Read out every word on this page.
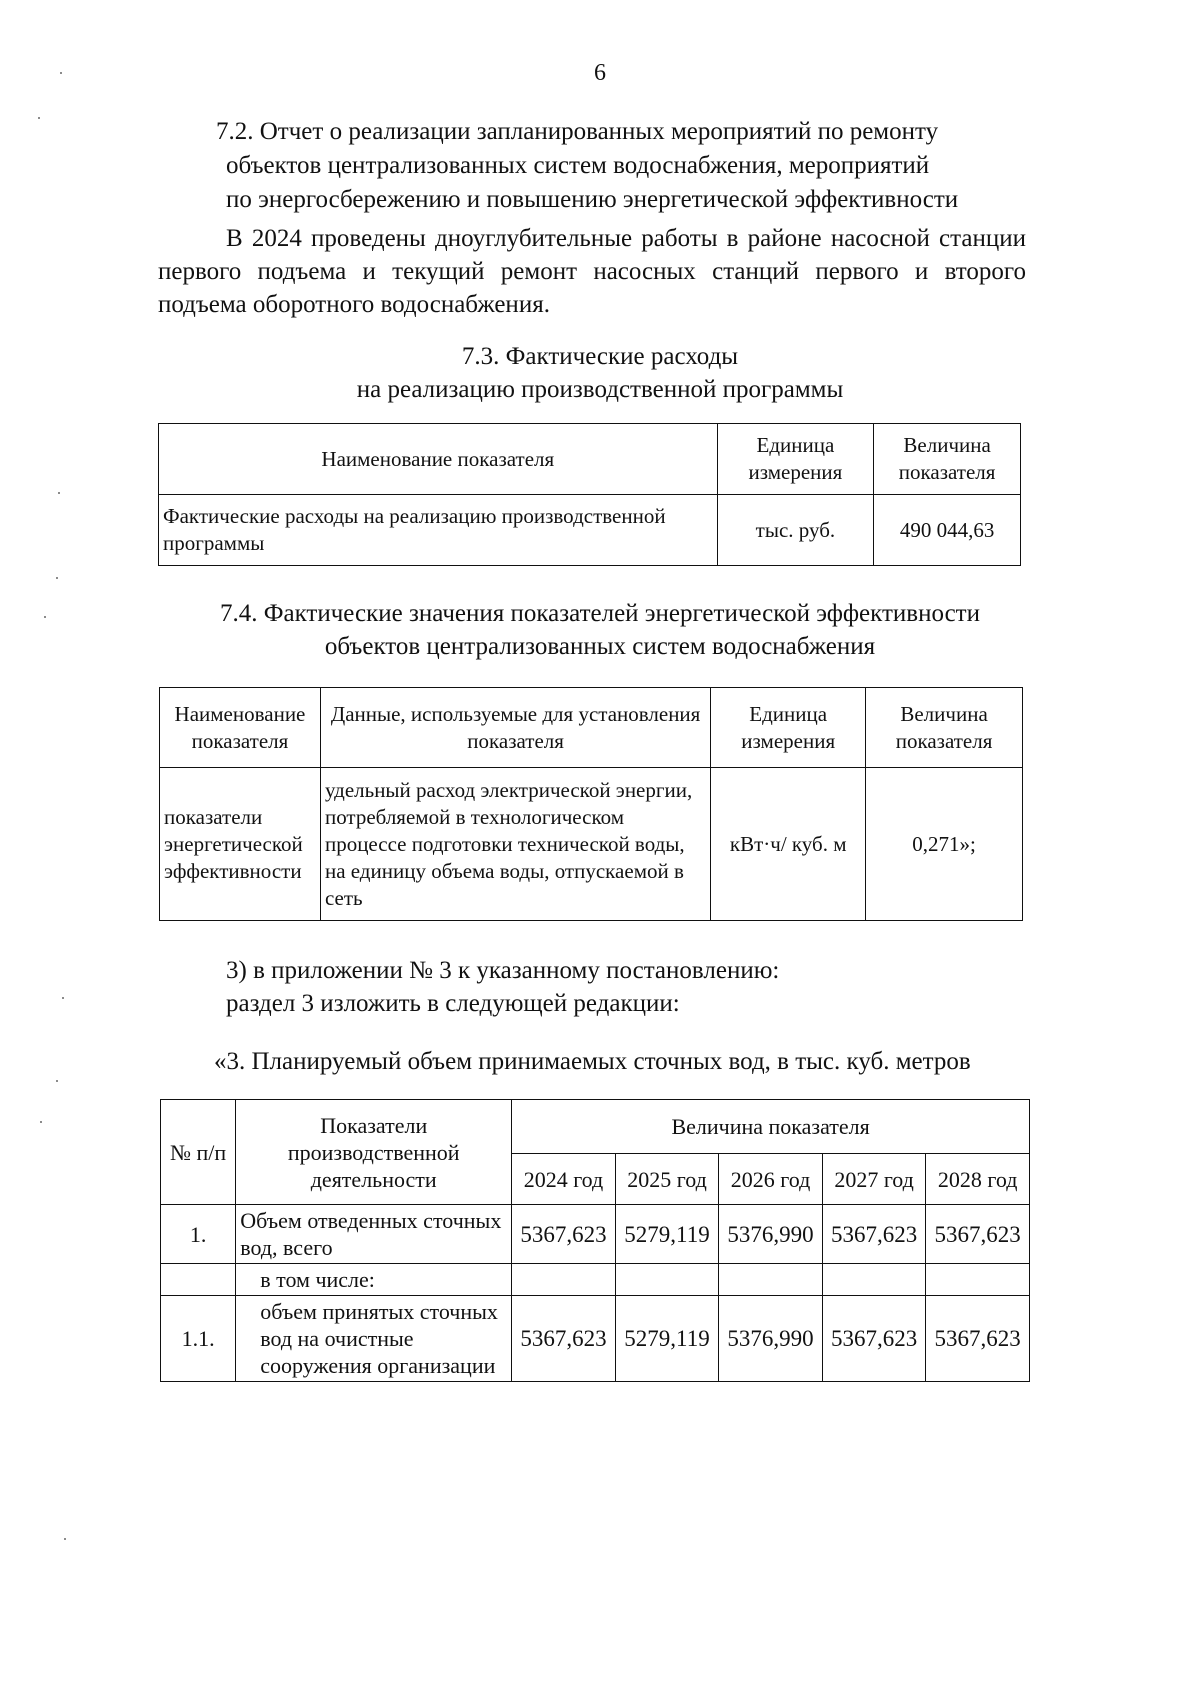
6
7.2. Отчет о реализации запланированных мероприятий по ремонту
объектов централизованных систем водоснабжения, мероприятий
по энергосбережению и повышению энергетической эффективности
В 2024 проведены дноуглубительные работы в районе насосной станции
первого подъема и текущий ремонт насосных станций первого и второго
подъема оборотного водоснабжения.
7.3. Фактические расходы
на реализацию производственной программы
Наименование показателя	Единица измерения	Величина показателя
Фактические расходы на реализацию производственной программы	тыс. руб.	490 044,63
7.4. Фактические значения показателей энергетической эффективности
объектов централизованных систем водоснабжения
Наименование показателя	Данные, используемые для установления показателя	Единица измерения	Величина показателя
показатели энергетической эффективности	удельный расход электрической энергии, потребляемой в технологическом процессе подготовки технической воды, на единицу объема воды, отпускаемой в сеть	кВт·ч/ куб. м	0,271»;
3) в приложении № 3 к указанному постановлению:
раздел 3 изложить в следующей редакции:
«3. Планируемый объем принимаемых сточных вод, в тыс. куб. метров
№ п/п	Показатели производственной деятельности	Величина показателя				
		2024 год	2025 год	2026 год	2027 год	2028 год
1.	Объем отведенных сточных вод, всего	5367,623	5279,119	5376,990	5367,623	5367,623
	в том числе:					
1.1.	объем принятых сточных вод на очистные сооружения организации	5367,623	5279,119	5376,990	5367,623	5367,623
